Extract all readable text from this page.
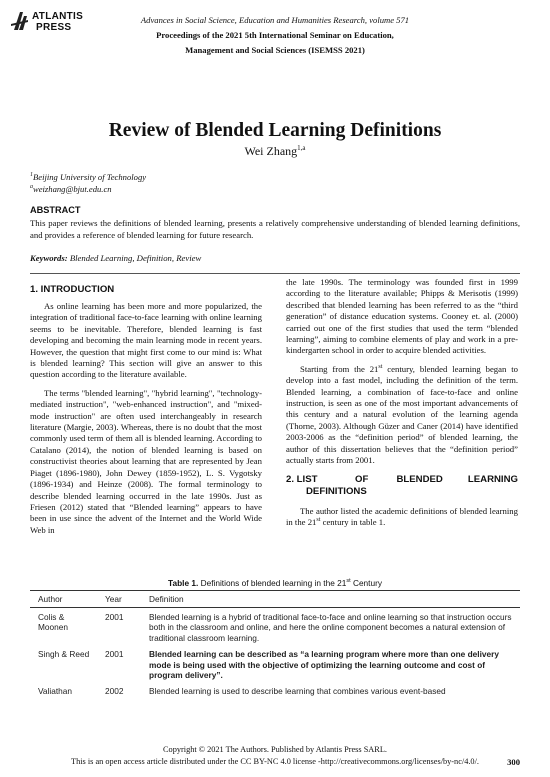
ATLANTIS
PRESS
Advances in Social Science, Education and Humanities Research, volume 571
Proceedings of the 2021 5th International Seminar on Education,
Management and Social Sciences (ISEMSS 2021)
Review of Blended Learning Definitions
Wei Zhang$^{1,a}$
$^1$Beijing University of Technology
$^a$weizhang@bjut.edu.cn
ABSTRACT
This paper reviews the definitions of blended learning, presents a relatively comprehensive understanding of blended learning definitions, and provides a reference of blended learning for future research.
Keywords: Blended Learning, Definition, Review
1. INTRODUCTION

As online learning has been more and more popularized, the integration of traditional face-to-face learning with online learning seems to be inevitable. Therefore, blended learning is fast developing and becoming the main learning mode in recent years. However, the question that might first come to our mind is: What is blended learning? This section will give an answer to this question according to the literature available.

The terms "blended learning", "hybrid learning", "technology-mediated instruction", "web-enhanced instruction", and "mixed-mode instruction" are often used interchangeably in research literature (Margie, 2003). Whereas, there is no doubt that the most commonly used term of them all is blended learning. According to Catalano (2014), the notion of blended learning is based on constructivist theories about learning that are represented by Jean Piaget (1896-1980), John Dewey (1859-1952), L. S. Vygotsky (1896-1934) and Heinze (2008). The formal terminology to describe blended learning occurred in the late 1990s. Just as Friesen (2012) stated that “Blended learning” appears to have been in use since the advent of the Internet and the World Wide Web in

the late 1990s. The terminology was founded first in 1999 according to the literature available; Phipps & Merisotis (1999) described that blended learning has been referred to as the “third generation” of distance education systems. Cooney et. al. (2000) carried out one of the first studies that used the term “blended learning”, aiming to combine elements of play and work in a pre-kindergarten school in order to acquire blended activities.

Starting from the 21st century, blended learning began to develop into a fast model, including the definition of the term. Blended learning, a combination of face-to-face and online instruction, is seen as one of the most important advancements of this century and a natural evolution of the learning agenda (Thorne, 2003). Although Güzer and Caner (2014) have identified 2003-2006 as the “definition period” of blended learning, the author of this dissertation believes that the “definition period” actually starts from 2001.

2. LIST	OF	BLENDED	LEARNING
DEFINITIONS

The author listed the academic definitions of blended learning in the 21st century in table 1.

Table 1. Definitions of blended learning in the 21st Century
Author	Year	Definition
Colis &
Moonen	2001	Blended learning is a hybrid of traditional face-to-face and online learning so that instruction occurs both in the classroom and online, and here the online component becomes a natural extension of traditional classroom learning.
Singh & Reed	2001	Blended learning can be described as “a learning program where more than one delivery mode is being used with the objective of optimizing the learning outcome and cost of program delivery”.
Valiathan	2002	Blended learning is used to describe learning that combines various event-based
Copyright © 2021 The Authors. Published by Atlantis Press SARL.
This is an open access article distributed under the CC BY-NC 4.0 license -http://creativecommons.org/licenses/by-nc/4.0/.	300
